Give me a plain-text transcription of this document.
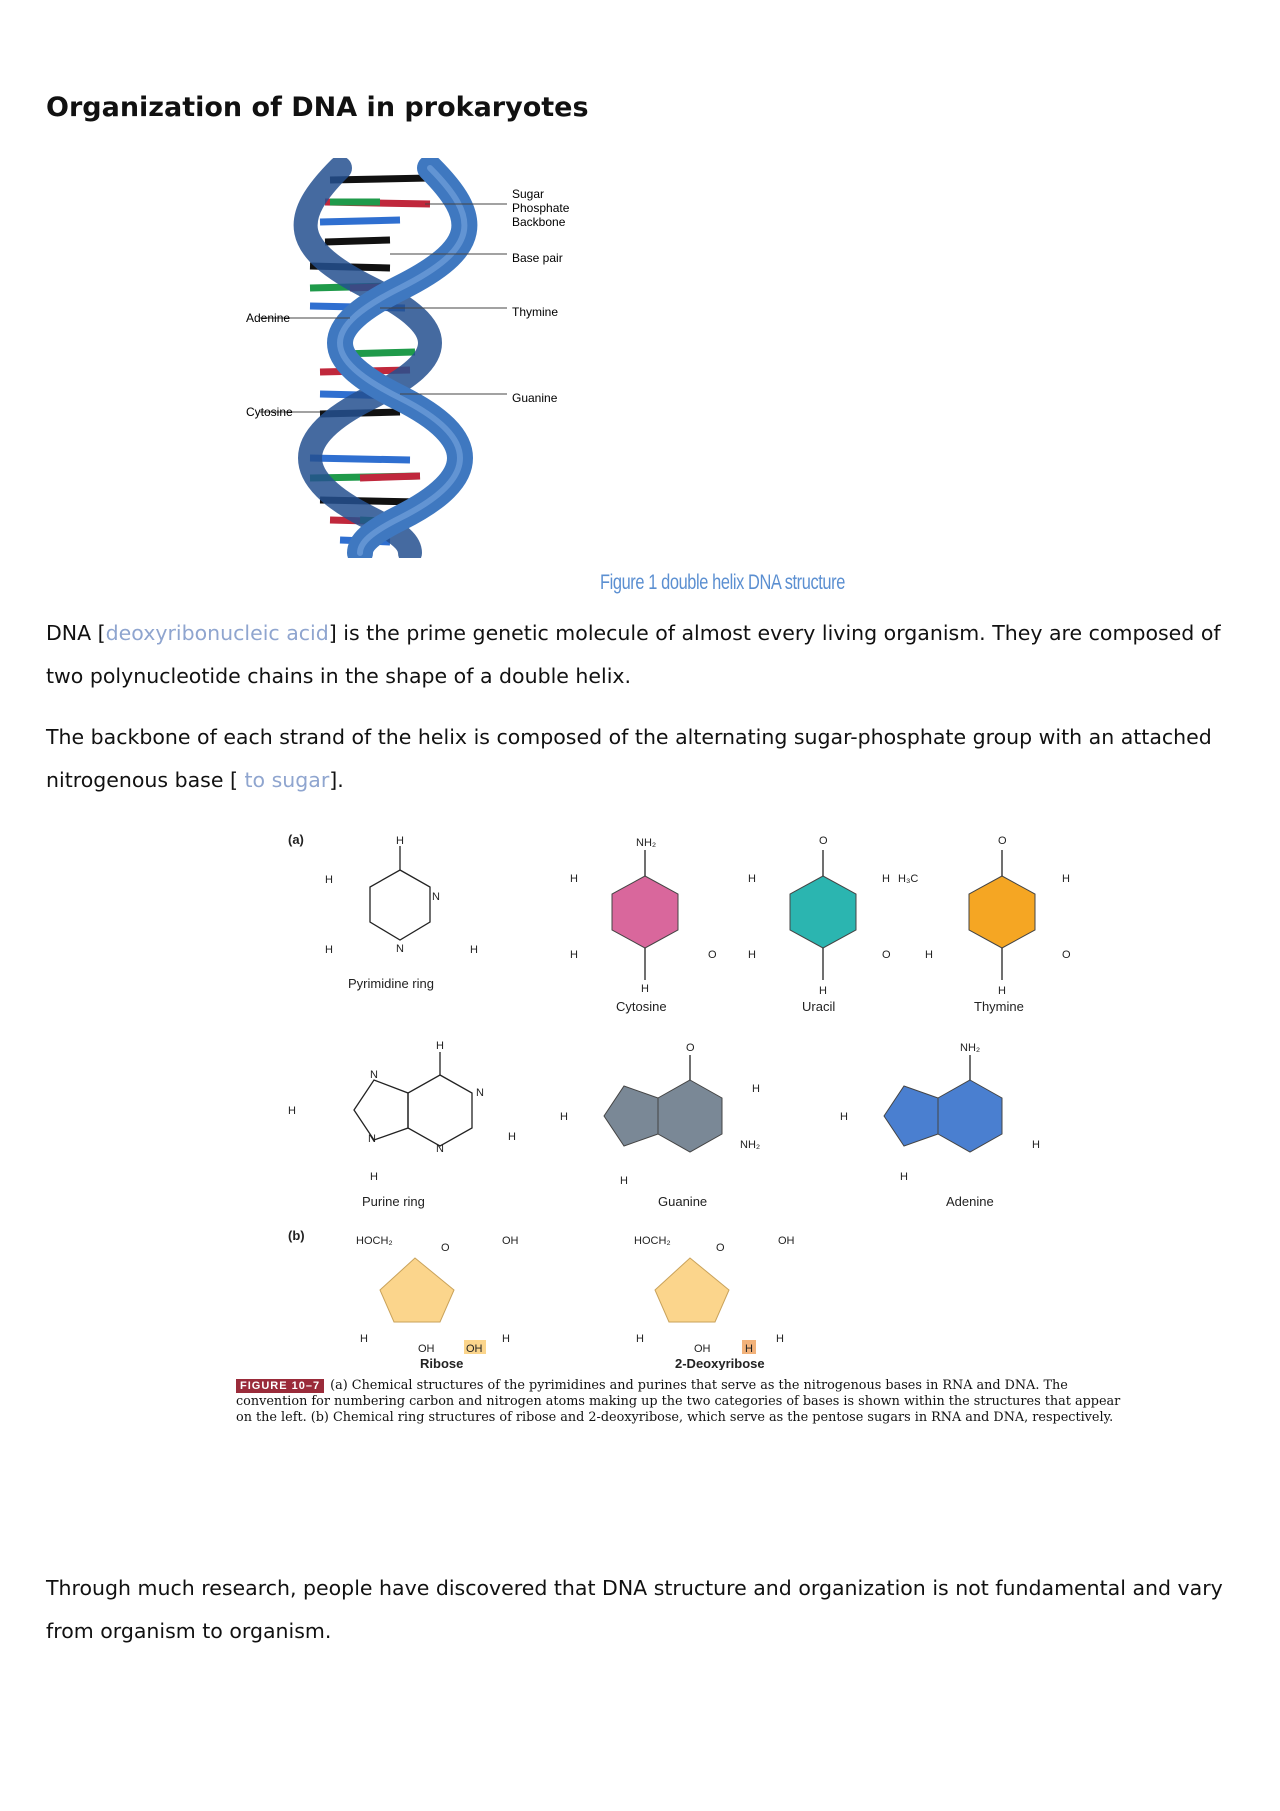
Organization of DNA in prokaryotes
Sugar
Phosphate
Backbone
Base pair
Thymine
Guanine
Adenine
Cytosine
Figure 1 double helix DNA structure
DNA [deoxyribonucleic acid] is the prime genetic molecule of almost every living organism. They are composed of two polynucleotide chains in the shape of a double helix.
The backbone of each strand of the helix is composed of the alternating sugar-phosphate group with an attached nitrogenous base [ to sugar].
(a)
(b)
H
H
H	H
N
N
Pyrimidine ring
NH₂
H
H	O
H
Cytosine
O
H
H	O
H
H
Uracil
O
H₃C
H	O
H
H
Thymine
H
H
H
H
N
N
N
N
Purine ring
O
H
H
H
NH₂
Guanine
NH₂
H
H
H
Adenine
HOCH₂
O
OH
H	H
OH	OH
Ribose
HOCH₂
O
OH
H	H
OH	H
2-Deoxyribose
FIGURE 10–7 (a) Chemical structures of the pyrimidines and purines that serve as the nitrogenous bases in RNA and DNA. The convention for numbering carbon and nitrogen atoms making up the two categories of bases is shown within the structures that appear on the left. (b) Chemical ring structures of ribose and 2-deoxyribose, which serve as the pentose sugars in RNA and DNA, respectively.
Through much research, people have discovered that DNA structure and organization is not fundamental and vary from organism to organism.
